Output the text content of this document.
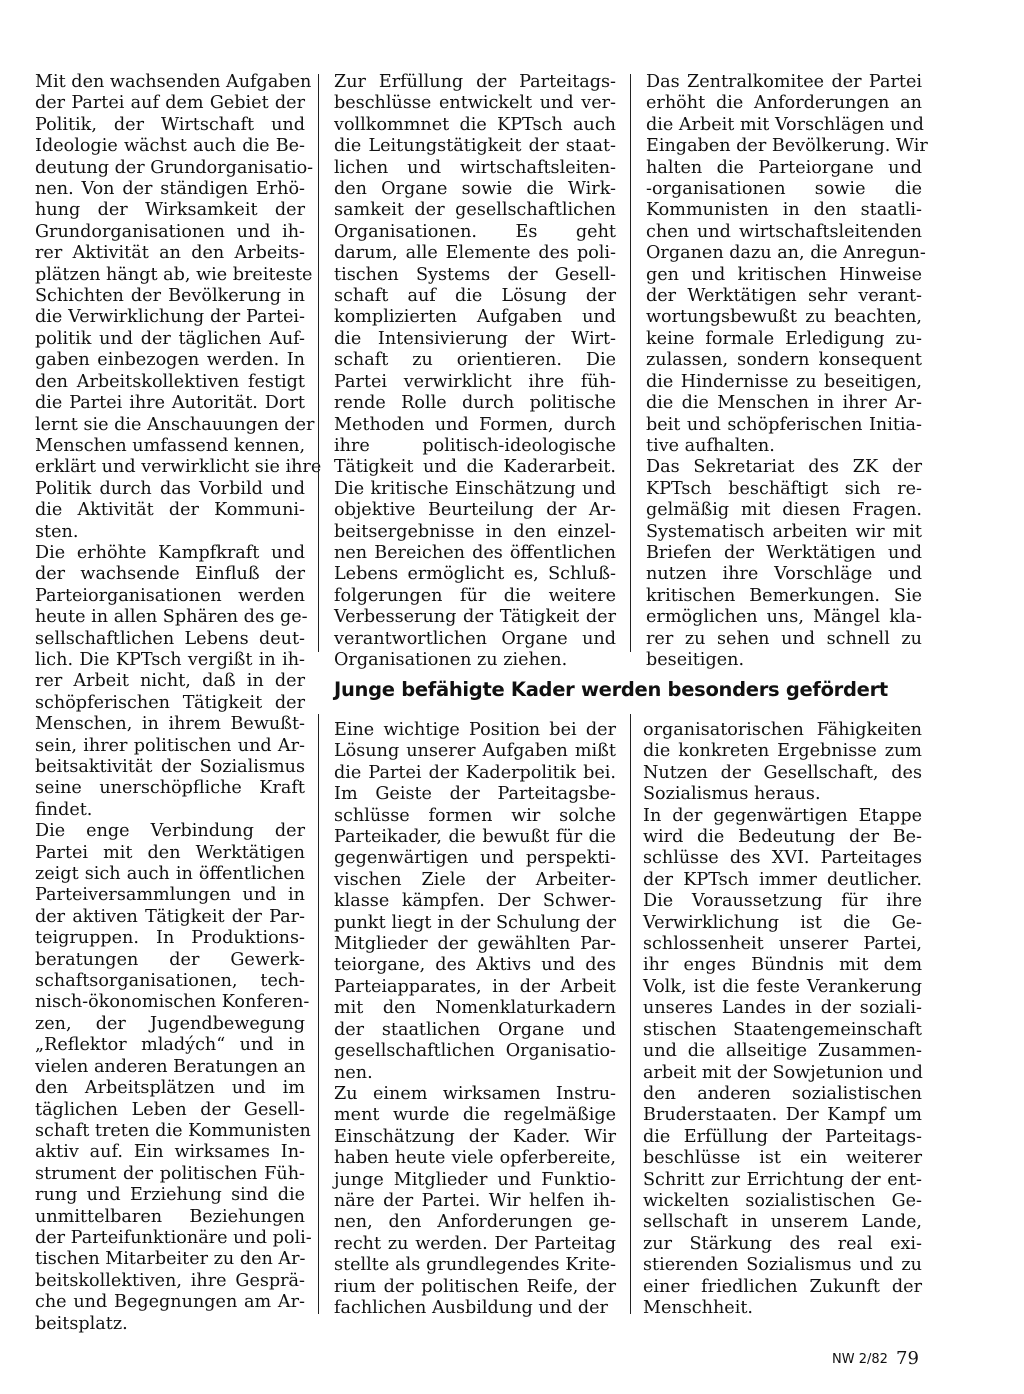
Mit den wachsenden Aufgaben
der Partei auf dem Gebiet der
Politik, der Wirtschaft und
Ideologie wächst auch die Be-
deutung der Grundorganisatio-
nen. Von der ständigen Erhö-
hung der Wirksamkeit der
Grundorganisationen und ih-
rer Aktivität an den Arbeits-
plätzen hängt ab, wie breiteste
Schichten der Bevölkerung in
die Verwirklichung der Partei-
politik und der täglichen Auf-
gaben einbezogen werden. In
den Arbeitskollektiven festigt
die Partei ihre Autorität. Dort
lernt sie die Anschauungen der
Menschen umfassend kennen,
erklärt und verwirklicht sie ihre
Politik durch das Vorbild und
die Aktivität der Kommuni-
sten.

Die erhöhte Kampfkraft und
der wachsende Einfluß der
Parteiorganisationen werden
heute in allen Sphären des ge-
sellschaftlichen Lebens deut-
lich. Die KPTsch vergißt in ih-
rer Arbeit nicht, daß in der
schöpferischen Tätigkeit der
Menschen, in ihrem Bewußt-
sein, ihrer politischen und Ar-
beitsaktivität der Sozialismus
seine unerschöpfliche Kraft
findet.

Die enge Verbindung der
Partei mit den Werktätigen
zeigt sich auch in öffentlichen
Parteiversammlungen und in
der aktiven Tätigkeit der Par-
teigruppen. In Produktions-
beratungen der Gewerk-
schaftsorganisationen, tech-
nisch-ökonomischen Konferen-
zen, der Jugendbewegung
„Reflektor mladých“ und in
vielen anderen Beratungen an
den Arbeitsplätzen und im
täglichen Leben der Gesell-
schaft treten die Kommunisten
aktiv auf. Ein wirksames In-
strument der politischen Füh-
rung und Erziehung sind die
unmittelbaren Beziehungen
der Parteifunktionäre und poli-
tischen Mitarbeiter zu den Ar-
beitskollektiven, ihre Gesprä-
che und Begegnungen am Ar-
beitsplatz.

Zur Erfüllung der Parteitags-
beschlüsse entwickelt und ver-
vollkommnet die KPTsch auch
die Leitungstätigkeit der staat-
lichen und wirtschaftsleiten-
den Organe sowie die Wirk-
samkeit der gesellschaftlichen
Organisationen. Es geht
darum, alle Elemente des poli-
tischen Systems der Gesell-
schaft auf die Lösung der
komplizierten Aufgaben und
die Intensivierung der Wirt-
schaft zu orientieren. Die
Partei verwirklicht ihre füh-
rende Rolle durch politische
Methoden und Formen, durch
ihre politisch-ideologische
Tätigkeit und die Kaderarbeit.
Die kritische Einschätzung und
objektive Beurteilung der Ar-
beitsergebnisse in den einzel-
nen Bereichen des öffentlichen
Lebens ermöglicht es, Schluß-
folgerungen für die weitere
Verbesserung der Tätigkeit der
verantwortlichen Organe und
Organisationen zu ziehen.

Das Zentralkomitee der Partei
erhöht die Anforderungen an
die Arbeit mit Vorschlägen und
Eingaben der Bevölkerung. Wir
halten die Parteiorgane und
-organisationen sowie die
Kommunisten in den staatli-
chen und wirtschaftsleitenden
Organen dazu an, die Anregun-
gen und kritischen Hinweise
der Werktätigen sehr verant-
wortungsbewußt zu beachten,
keine formale Erledigung zu-
zulassen, sondern konsequent
die Hindernisse zu beseitigen,
die die Menschen in ihrer Ar-
beit und schöpferischen Initia-
tive aufhalten.

Das Sekretariat des ZK der
KPTsch beschäftigt sich re-
gelmäßig mit diesen Fragen.
Systematisch arbeiten wir mit
Briefen der Werktätigen und
nutzen ihre Vorschläge und
kritischen Bemerkungen. Sie
ermöglichen uns, Mängel kla-
rer zu sehen und schnell zu
beseitigen.

Junge befähigte Kader werden besonders gefördert

Eine wichtige Position bei der
Lösung unserer Aufgaben mißt
die Partei der Kaderpolitik bei.
Im Geiste der Parteitagsbe-
schlüsse formen wir solche
Parteikader, die bewußt für die
gegenwärtigen und perspekti-
vischen Ziele der Arbeiter-
klasse kämpfen. Der Schwer-
punkt liegt in der Schulung der
Mitglieder der gewählten Par-
teiorgane, des Aktivs und des
Parteiapparates, in der Arbeit
mit den Nomenklaturkadern
der staatlichen Organe und
gesellschaftlichen Organisatio-
nen.

Zu einem wirksamen Instru-
ment wurde die regelmäßige
Einschätzung der Kader. Wir
haben heute viele opferbereite,
junge Mitglieder und Funktio-
näre der Partei. Wir helfen ih-
nen, den Anforderungen ge-
recht zu werden. Der Parteitag
stellte als grundlegendes Krite-
rium der politischen Reife, der
fachlichen Ausbildung und der

organisatorischen Fähigkeiten
die konkreten Ergebnisse zum
Nutzen der Gesellschaft, des
Sozialismus heraus.

In der gegenwärtigen Etappe
wird die Bedeutung der Be-
schlüsse des XVI. Parteitages
der KPTsch immer deutlicher.
Die Voraussetzung für ihre
Verwirklichung ist die Ge-
schlossenheit unserer Partei,
ihr enges Bündnis mit dem
Volk, ist die feste Verankerung
unseres Landes in der soziali-
stischen Staatengemeinschaft
und die allseitige Zusammen-
arbeit mit der Sowjetunion und
den anderen sozialistischen
Bruderstaaten. Der Kampf um
die Erfüllung der Parteitags-
beschlüsse ist ein weiterer
Schritt zur Errichtung der ent-
wickelten sozialistischen Ge-
sellschaft in unserem Lande,
zur Stärkung des real exi-
stierenden Sozialismus und zu
einer friedlichen Zukunft der
Menschheit.

NW 2/82 79
